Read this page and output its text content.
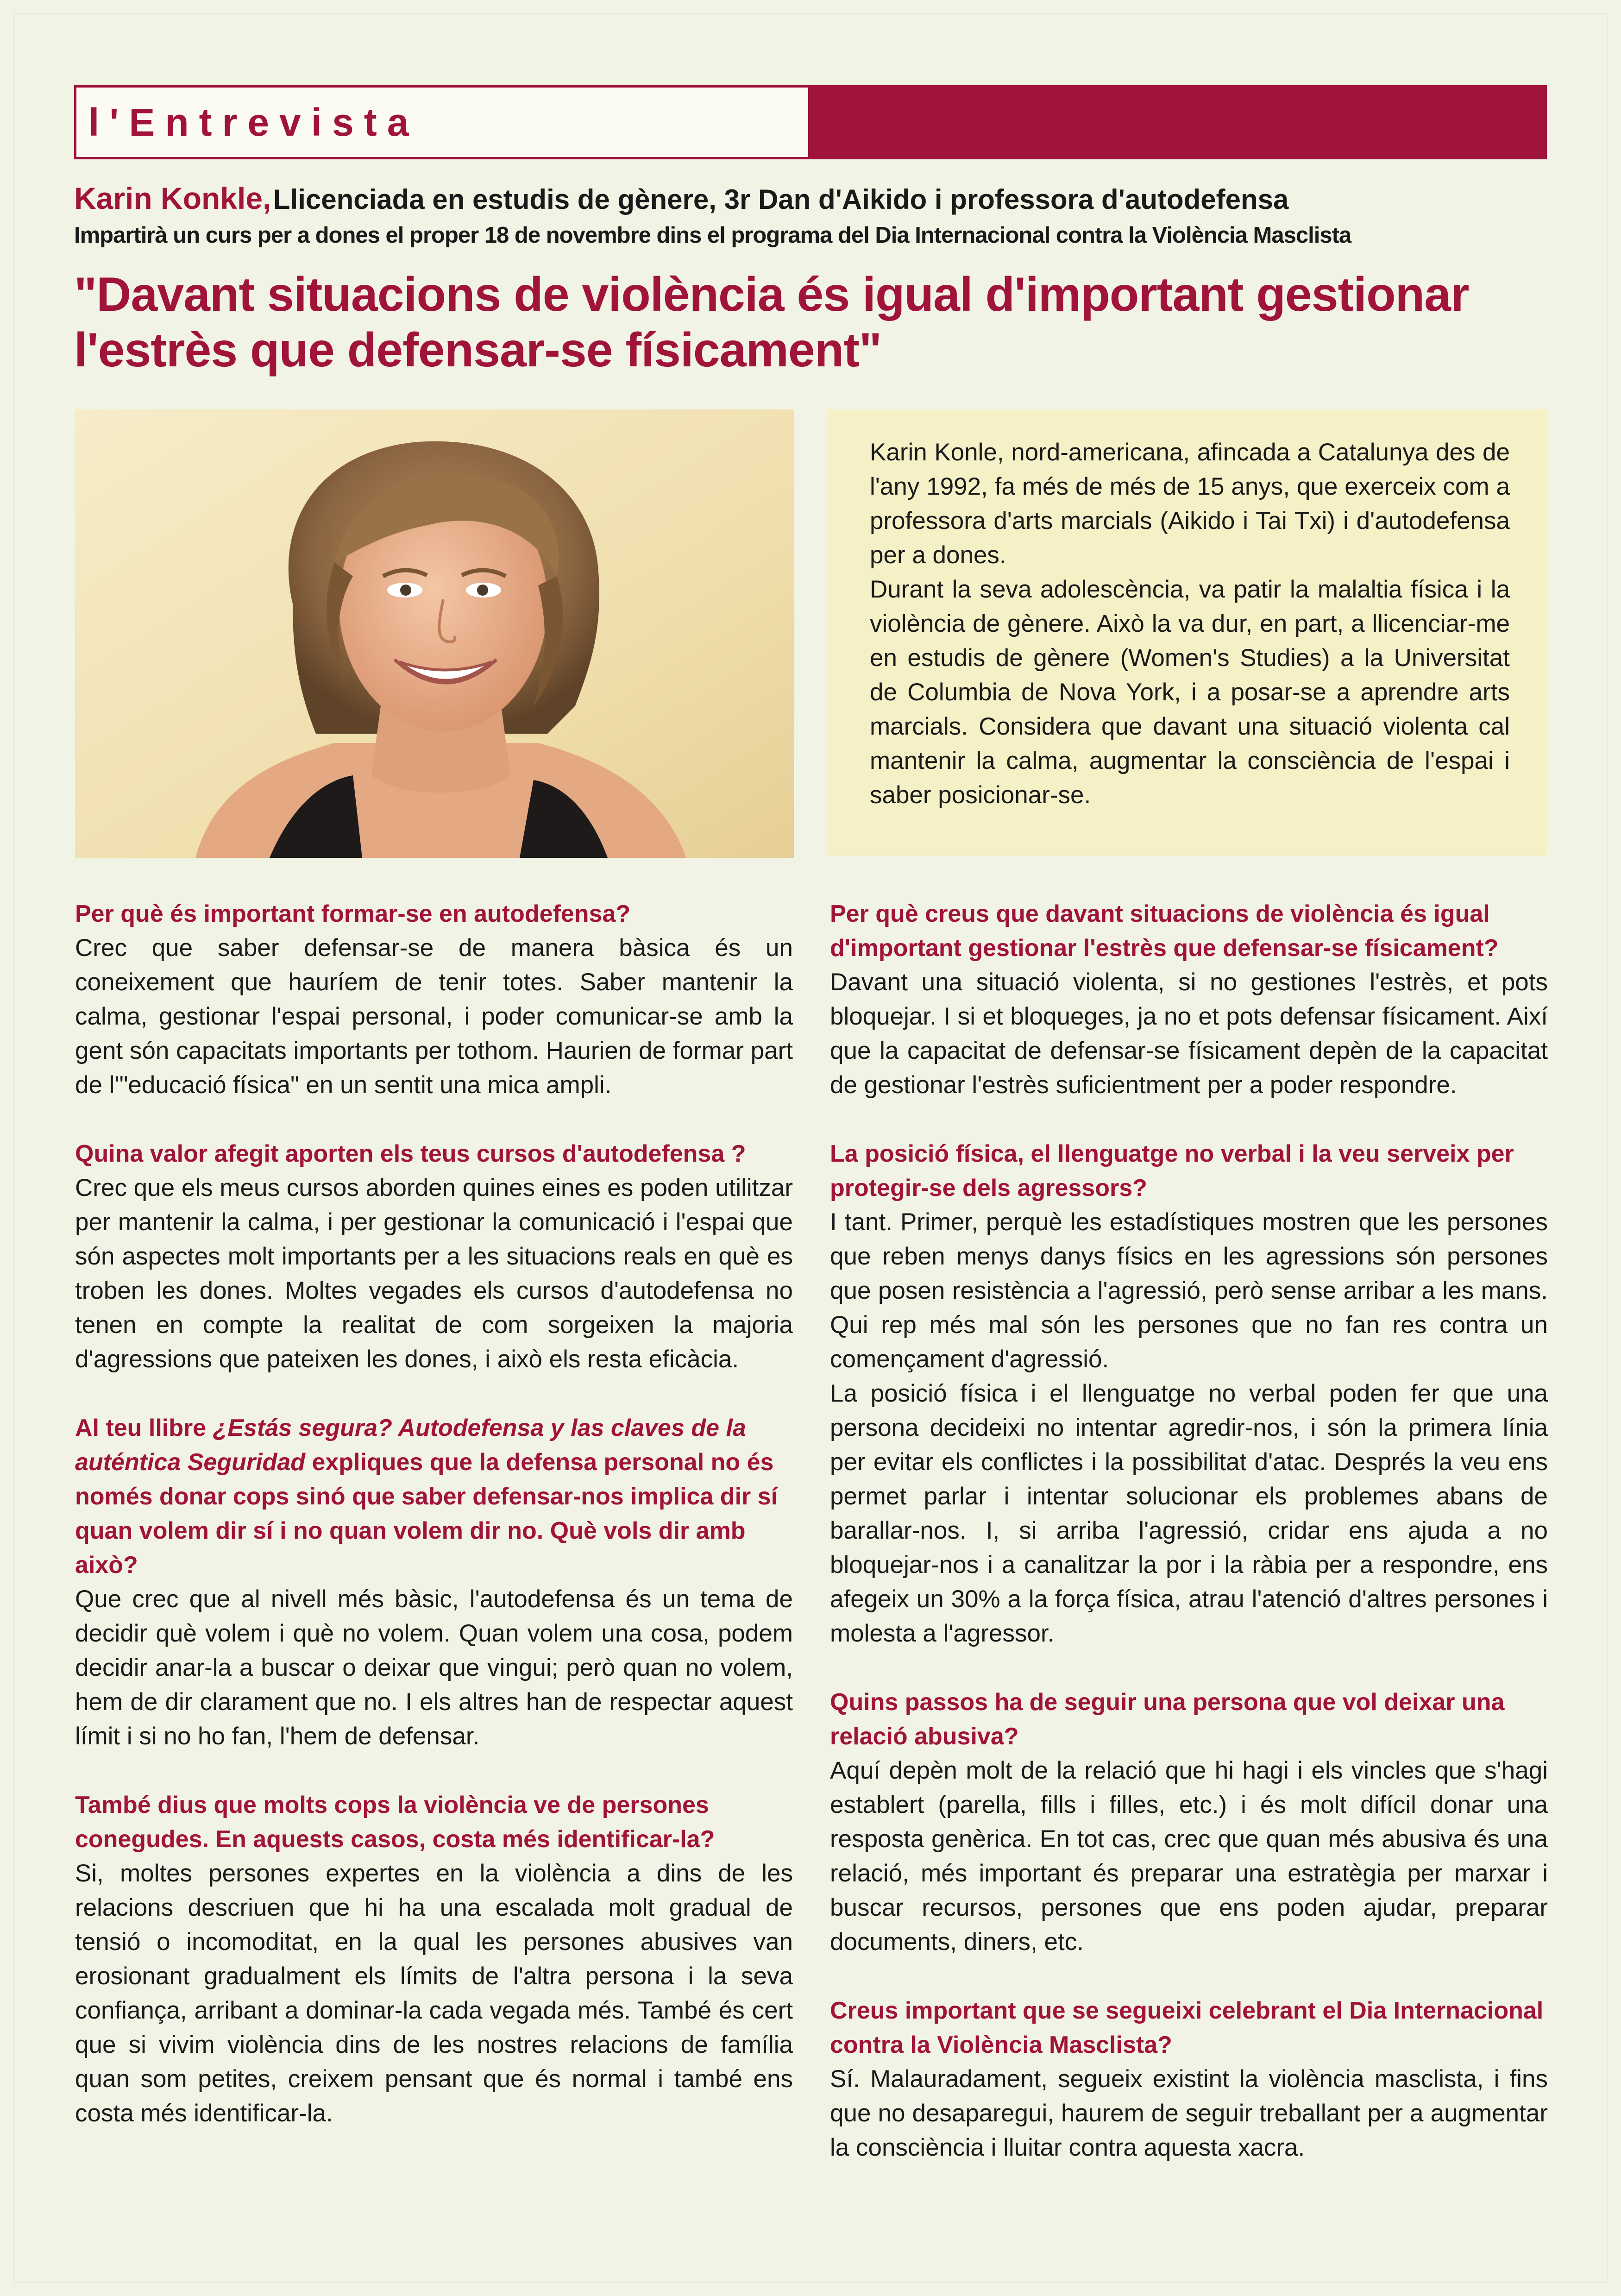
l'Entrevista
Karin Konkle, Llicenciada en estudis de gènere, 3r Dan d'Aikido i professora d'autodefensa
Impartirà un curs per a dones el proper 18 de novembre dins el programa del Dia Internacional contra la Violència Masclista
"Davant situacions de violència és igual d'important gestionar l'estrès que defensar-se físicament"

Karin Konle, nord-americana, afincada a Catalunya des de l'any 1992, fa més de més de 15 anys, que exerceix com a professora d'arts marcials (Aikido i Tai Txi) i d'autodefensa per a dones.

Durant la seva adolescència, va patir la malaltia física i la violència de gènere. Això la va dur, en part, a llicenciar-me en estudis de gènere (Women's Studies) a la Universitat de Columbia de Nova York, i a posar-se a aprendre arts marcials. Considera que davant una situació violenta cal mantenir la calma, augmentar la consciència de l'espai i saber posicionar-se.

Per què és important formar-se en autodefensa?

Crec que saber defensar-se de manera bàsica és un coneixement que hauríem de tenir totes. Saber mantenir la calma, gestionar l'espai personal, i poder comunicar-se amb la gent són capacitats importants per tothom. Haurien de formar part de l'"educació física" en un sentit una mica ampli.

Quina valor afegit aporten els teus cursos d'autodefensa ?

Crec que els meus cursos aborden quines eines es poden utilitzar per mantenir la calma, i per gestionar la comunicació i l'espai que són aspectes molt importants per a les situacions reals en què es troben les dones. Moltes vegades els cursos d'autodefensa no tenen en compte la realitat de com sorgeixen la majoria d'agressions que pateixen les dones, i això els resta eficàcia.

Al teu llibre ¿Estás segura? Autodefensa y las claves de la auténtica Seguridad expliques que la defensa personal no és només donar cops sinó que saber defensar-nos implica dir sí quan volem dir sí i no quan volem dir no. Què vols dir amb això?

Que crec que al nivell més bàsic, l'autodefensa és un tema de decidir què volem i què no volem. Quan volem una cosa, podem decidir anar-la a buscar o deixar que vingui; però quan no volem, hem de dir clarament que no. I els altres han de respectar aquest límit i si no ho fan, l'hem de defensar.

També dius que molts cops la violència ve de persones conegudes. En aquests casos, costa més identificar-la?

Si, moltes persones expertes en la violència a dins de les relacions descriuen que hi ha una escalada molt gradual de tensió o incomoditat, en la qual les persones abusives van erosionant gradualment els límits de l'altra persona i la seva confiança, arribant a dominar-la cada vegada més. També és cert que si vivim violència dins de les nostres relacions de família quan som petites, creixem pensant que és normal i també ens costa més identificar-la.

Per què creus que davant situacions de violència és igual d'important gestionar l'estrès que defensar-se físicament?

Davant una situació violenta, si no gestiones l'estrès, et pots bloquejar. I si et bloqueges, ja no et pots defensar físicament. Així que la capacitat de defensar-se físicament depèn de la capacitat de gestionar l'estrès suficientment per a poder respondre.

La posició física, el llenguatge no verbal i la veu serveix per protegir-se dels agressors?

I tant. Primer, perquè les estadístiques mostren que les persones que reben menys danys físics en les agressions són persones que posen resistència a l'agressió, però sense arribar a les mans. Qui rep més mal són les persones que no fan res contra un començament d'agressió.

La posició física i el llenguatge no verbal poden fer que una persona decideixi no intentar agredir-nos, i són la primera línia per evitar els conflictes i la possibilitat d'atac. Després la veu ens permet parlar i intentar solucionar els problemes abans de barallar-nos. I, si arriba l'agressió, cridar ens ajuda a no bloquejar-nos i a canalitzar la por i la ràbia per a respondre, ens afegeix un 30% a la força física, atrau l'atenció d'altres persones i molesta a l'agressor.

Quins passos ha de seguir una persona que vol deixar una relació abusiva?

Aquí depèn molt de la relació que hi hagi i els vincles que s'hagi establert (parella, fills i filles, etc.) i és molt difícil donar una resposta genèrica. En tot cas, crec que quan més abusiva és una relació, més important és preparar una estratègia per marxar i buscar recursos, persones que ens poden ajudar, preparar documents, diners, etc.

Creus important que se segueixi celebrant el Dia Internacional contra la Violència Masclista?

Sí. Malauradament, segueix existint la violència masclista, i fins que no desaparegui, haurem de seguir treballant per a augmentar la consciència i lluitar contra aquesta xacra.
